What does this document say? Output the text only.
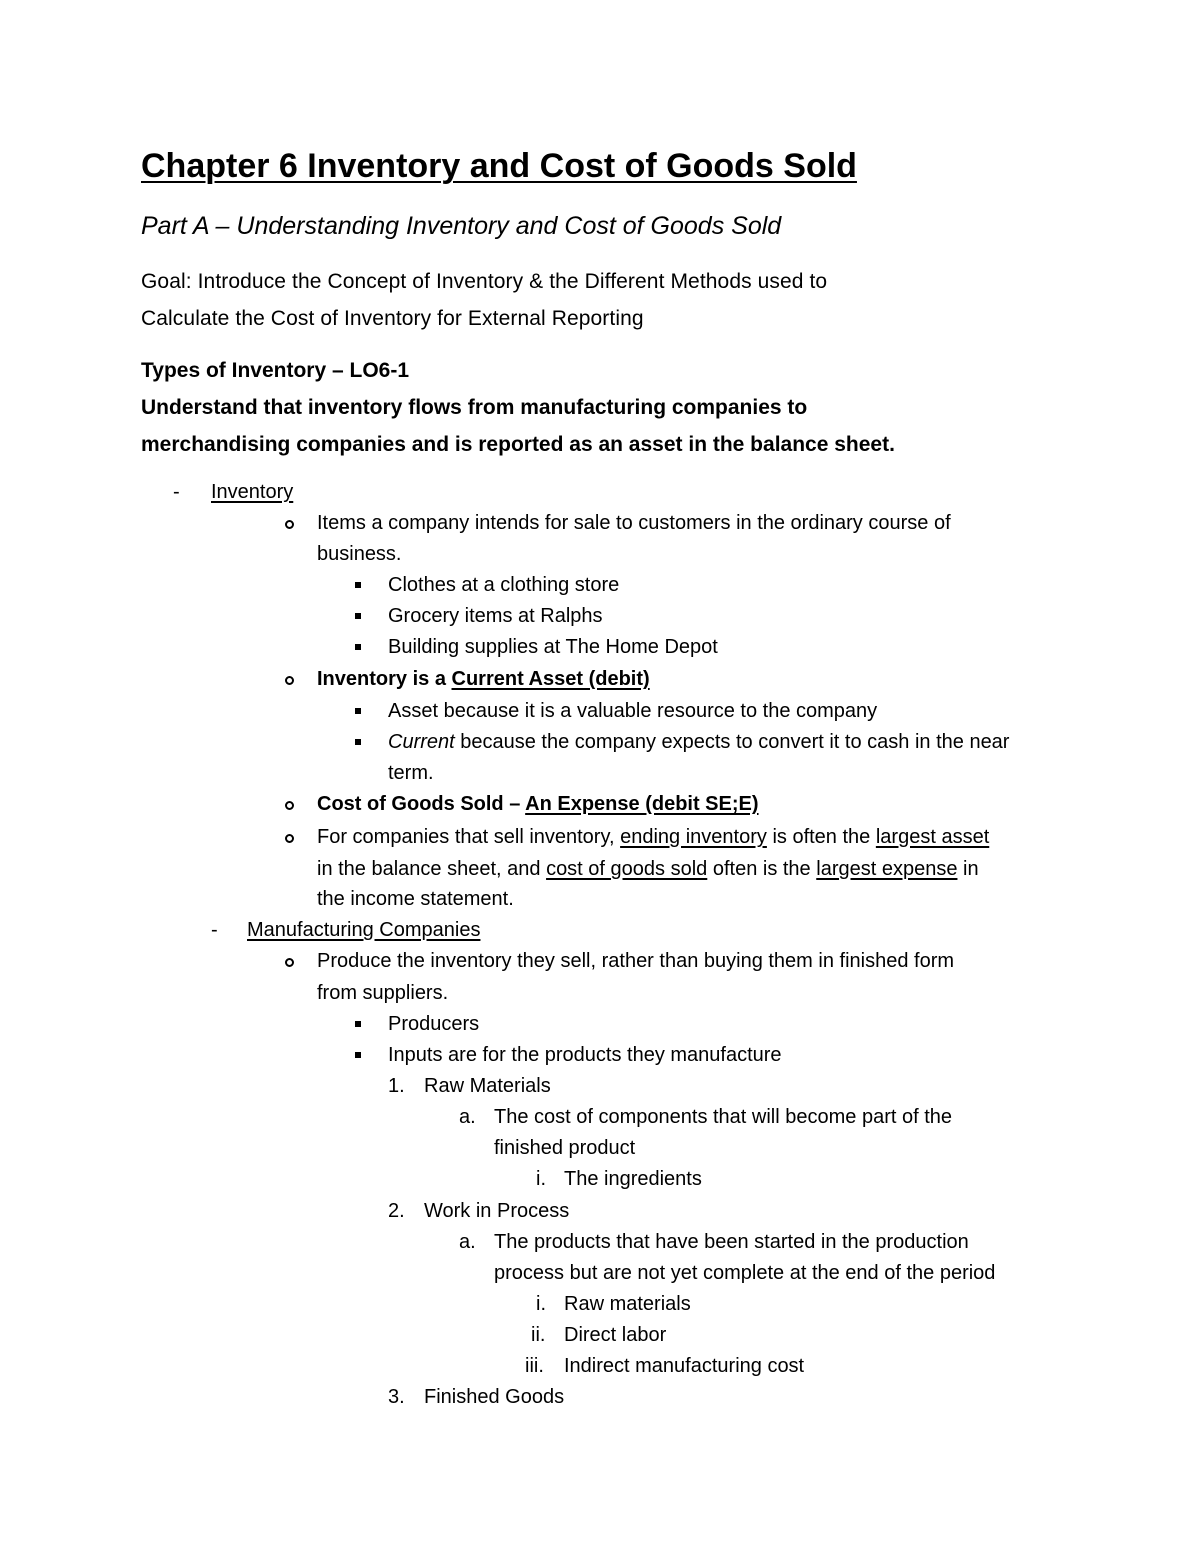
Chapter 6 Inventory and Cost of Goods Sold
Part A – Understanding Inventory and Cost of Goods Sold
Goal: Introduce the Concept of Inventory & the Different Methods used to
Calculate the Cost of Inventory for External Reporting
Types of Inventory – LO6-1
Understand that inventory flows from manufacturing companies to
merchandising companies and is reported as an asset in the balance sheet.
- Inventory
Items a company intends for sale to customers in the ordinary course of
business.
Clothes at a clothing store
Grocery items at Ralphs
Building supplies at The Home Depot
Inventory is a Current Asset (debit)
Asset because it is a valuable resource to the company
Current because the company expects to convert it to cash in the near
term.
Cost of Goods Sold – An Expense (debit SE;E)
For companies that sell inventory, ending inventory is often the largest asset
in the balance sheet, and cost of goods sold often is the largest expense in
the income statement.
- Manufacturing Companies
Produce the inventory they sell, rather than buying them in finished form
from suppliers.
Producers
Inputs are for the products they manufacture
1. Raw Materials
a. The cost of components that will become part of the
finished product
i. The ingredients
2. Work in Process
a. The products that have been started in the production
process but are not yet complete at the end of the period
i. Raw materials
ii. Direct labor
iii. Indirect manufacturing cost
3. Finished Goods
